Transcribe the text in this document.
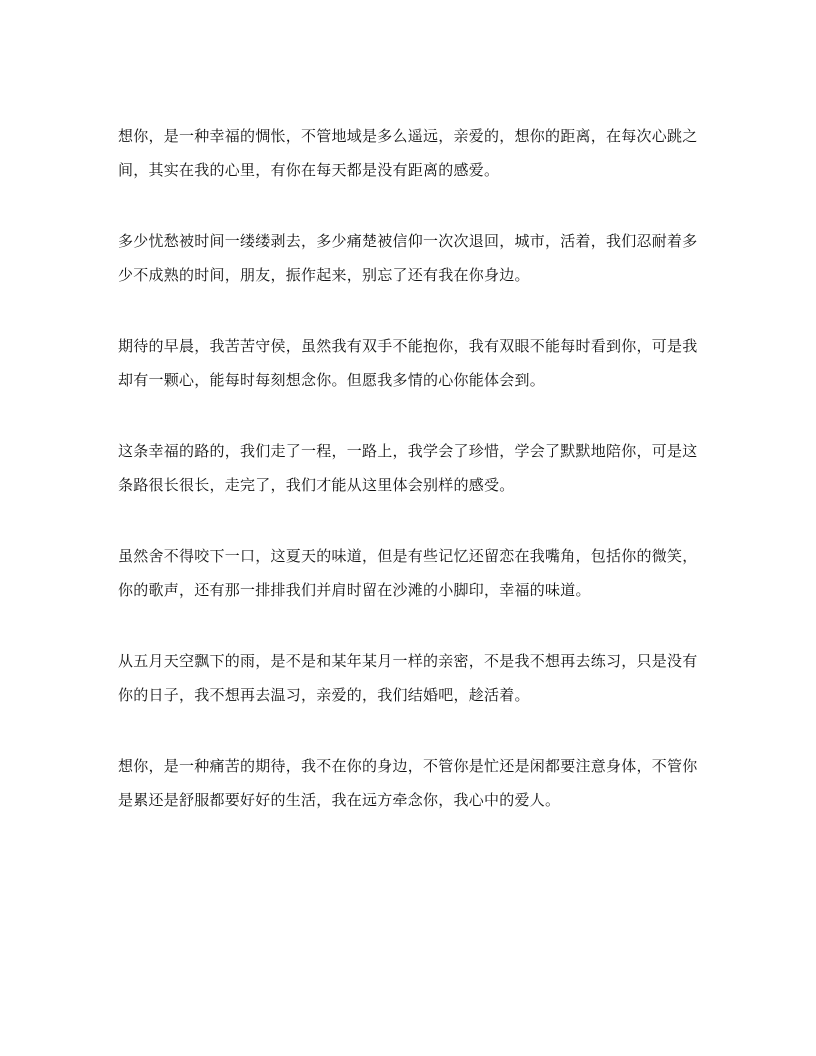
想你，是一种幸福的惆怅，不管地域是多么遥远，亲爱的，想你的距离，在每次心跳之间，其实在我的心里，有你在每天都是没有距离的感爱。

多少忧愁被时间一缕缕剥去，多少痛楚被信仰一次次退回，城市，活着，我们忍耐着多少不成熟的时间，朋友，振作起来，别忘了还有我在你身边。

期待的早晨，我苦苦守侯，虽然我有双手不能抱你，我有双眼不能每时看到你，可是我却有一颗心，能每时每刻想念你。但愿我多情的心你能体会到。

这条幸福的路的，我们走了一程，一路上，我学会了珍惜，学会了默默地陪你，可是这条路很长很长，走完了，我们才能从这里体会别样的感受。

虽然舍不得咬下一口，这夏天的味道，但是有些记忆还留恋在我嘴角，包括你的微笑，你的歌声，还有那一排排我们并肩时留在沙滩的小脚印，幸福的味道。

从五月天空飘下的雨，是不是和某年某月一样的亲密，不是我不想再去练习，只是没有你的日子，我不想再去温习，亲爱的，我们结婚吧，趁活着。

想你，是一种痛苦的期待，我不在你的身边，不管你是忙还是闲都要注意身体，不管你是累还是舒服都要好好的生活，我在远方牵念你，我心中的爱人。
